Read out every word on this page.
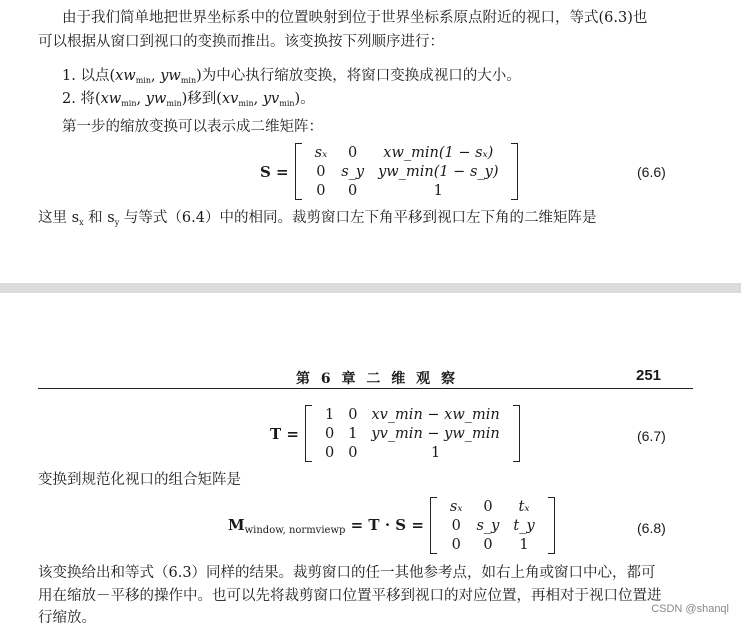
由于我们简单地把世界坐标系中的位置映射到位于世界坐标系原点附近的视口，等式(6.3)也
可以根据从窗口到视口的变换而推出。该变换按下列顺序进行：
1. 以点($xw_{min}$, $yw_{min}$)为中心执行缩放变换，将窗口变换成视口的大小。
2. 将($xw_{min}$, $yw_{min}$)移到($xv_{min}$, $yv_{min}$)。
第一步的缩放变换可以表示成二维矩阵：
S =
sₓ	0	xw_min(1 − sₓ)
0	s_y	yw_min(1 − s_y)
0	0	1
(6.6)
这里 $s_x$ 和 $s_y$ 与等式（6.4）中的相同。裁剪窗口左下角平移到视口左下角的二维矩阵是
第 6 章 二 维 观 察	251
T =
1	0	xv_min − xw_min
0	1	yv_min − yw_min
0	0	1
(6.7)
变换到规范化视口的组合矩阵是
$M_{window, normviewp} = T \cdot S$ =
sₓ	0	tₓ
0	s_y	t_y
0	0	1
(6.8)
该变换给出和等式（6.3）同样的结果。裁剪窗口的任一其他参考点，如右上角或窗口中心，都可
用在缩放－平移的操作中。也可以先将裁剪窗口位置平移到视口的对应位置，再相对于视口位置进
行缩放。
CSDN @shanql
